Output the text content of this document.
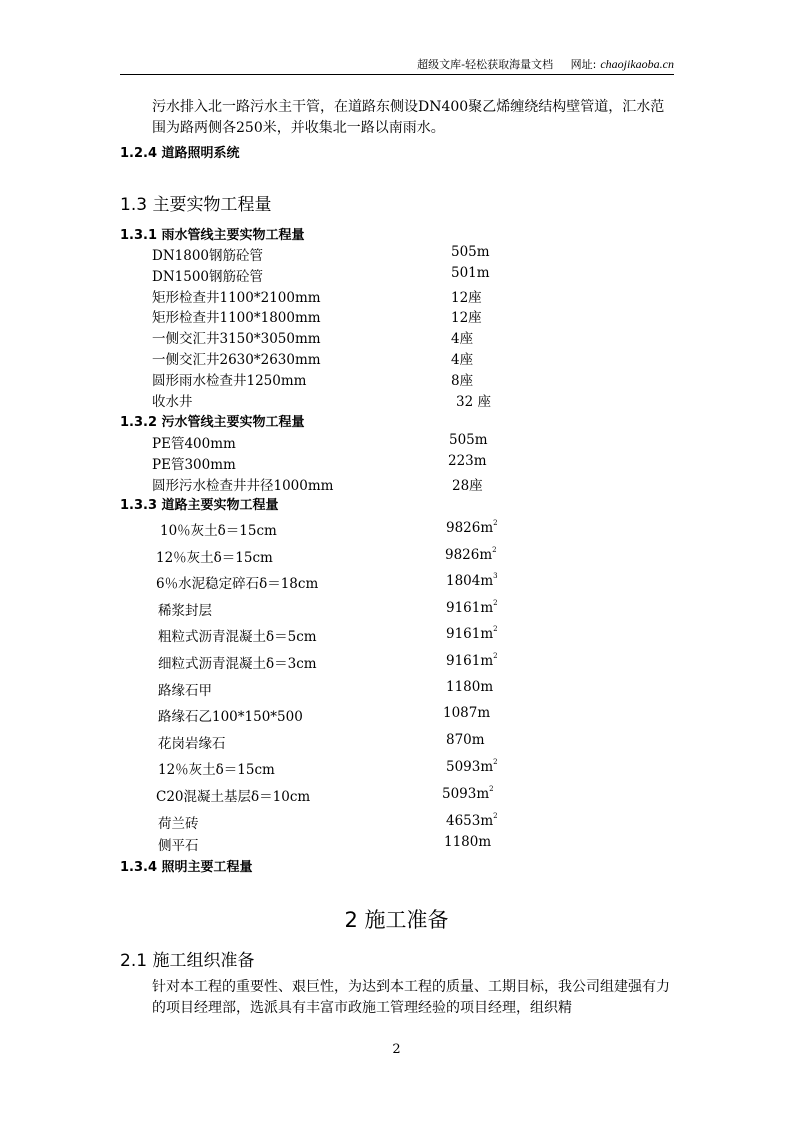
超级文库-轻松获取海量文档 网址: chaojikaoba.cn
污水排入北一路污水主干管，在道路东侧设DN400聚乙烯缠绕结构壁管道，汇水范围为路两侧各250米，并收集北一路以南雨水。
1.2.4 道路照明系统
1.3 主要实物工程量
1.3.1 雨水管线主要实物工程量
DN1800钢筋砼管	505m
DN1500钢筋砼管	501m
矩形检查井1100*2100mm	12座
矩形检查井1100*1800mm	12座
一侧交汇井3150*3050mm	4座
一侧交汇井2630*2630mm	4座
圆形雨水检查井1250mm	8座
收水井	32 座
1.3.2 污水管线主要实物工程量
PE管400mm	505m
PE管300mm	223m
圆形污水检查井井径1000mm	28座
1.3.3 道路主要实物工程量
10％灰土δ＝15cm	$9826m^2$
12％灰土δ＝15cm	$9826m^2$
6％水泥稳定碎石δ＝18cm	$1804m^3$
稀浆封层	$9161m^2$
粗粒式沥青混凝土δ＝5cm	$9161m^2$
细粒式沥青混凝土δ＝3cm	$9161m^2$
路缘石甲	1180m
路缘石乙100*150*500	1087m
花岗岩缘石	870m
12％灰土δ＝15cm	$5093m^2$
C20混凝土基层δ＝10cm	$5093m^2$
荷兰砖	$4653m^2$
侧平石	1180m
1.3.4 照明主要工程量
2 施工准备
2.1 施工组织准备
针对本工程的重要性、艰巨性，为达到本工程的质量、工期目标，我公司组建强有力的项目经理部，选派具有丰富市政施工管理经验的项目经理，组织精
2
